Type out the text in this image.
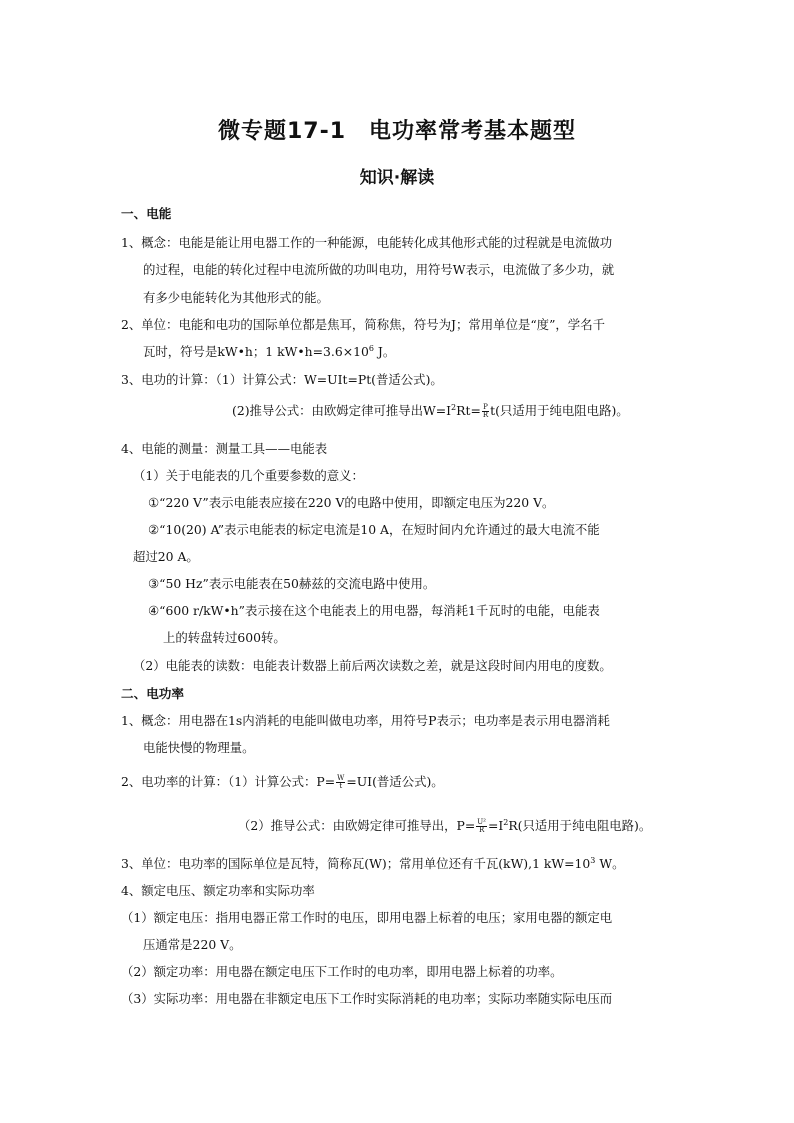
微专题17-1　电功率常考基本题型
知识·解读
一、电能
1、概念：电能是能让用电器工作的一种能源，电能转化成其他形式能的过程就是电流做功
的过程，电能的转化过程中电流所做的功叫电功，用符号W表示，电流做了多少功，就
有多少电能转化为其他形式的能。
2、单位：电能和电功的国际单位都是焦耳，简称焦，符号为J；常用单位是“度”，学名千
瓦时，符号是kW•h；1 $kW•h=3.6\times 10^6$ J。
3、电功的计算：（1）计算公式：W=UIt=Pt(普适公式)。
(2)推导公式：由欧姆定律可推导出$W=I^2Rt= \frac{P}{R} t$(只适用于纯电阻电路)。
4、电能的测量：测量工具——电能表
（1）关于电能表的几个重要参数的意义：
①“220 V”表示电能表应接在220 V的电路中使用，即额定电压为220 V。
②“10(20) A”表示电能表的标定电流是10 A，在短时间内允许通过的最大电流不能
超过20 A。
③“50 Hz”表示电能表在50赫兹的交流电路中使用。
④“600 r/kW•h”表示接在这个电能表上的用电器，每消耗1千瓦时的电能，电能表
上的转盘转过600转。
（2）电能表的读数：电能表计数器上前后两次读数之差，就是这段时间内用电的度数。
二、电功率
1、概念：用电器在1s内消耗的电能叫做电功率，用符号P表示；电功率是表示用电器消耗
电能快慢的物理量。
2、电功率的计算：（1）计算公式：$P= \frac{W}{t} =UI$(普适公式)。
（2）推导公式：由欧姆定律可推导出，$P= \frac{\text{U²}}{R} =I^2R$(只适用于纯电阻电路)。
3、单位：电功率的国际单位是瓦特，简称瓦(W)；常用单位还有千瓦(kW),1 $kW=10^3$ W。
4、额定电压、额定功率和实际功率
（1）额定电压：指用电器正常工作时的电压，即用电器上标着的电压；家用电器的额定电
压通常是220 V。
（2）额定功率：用电器在额定电压下工作时的电功率，即用电器上标着的功率。
（3）实际功率：用电器在非额定电压下工作时实际消耗的电功率；实际功率随实际电压而
